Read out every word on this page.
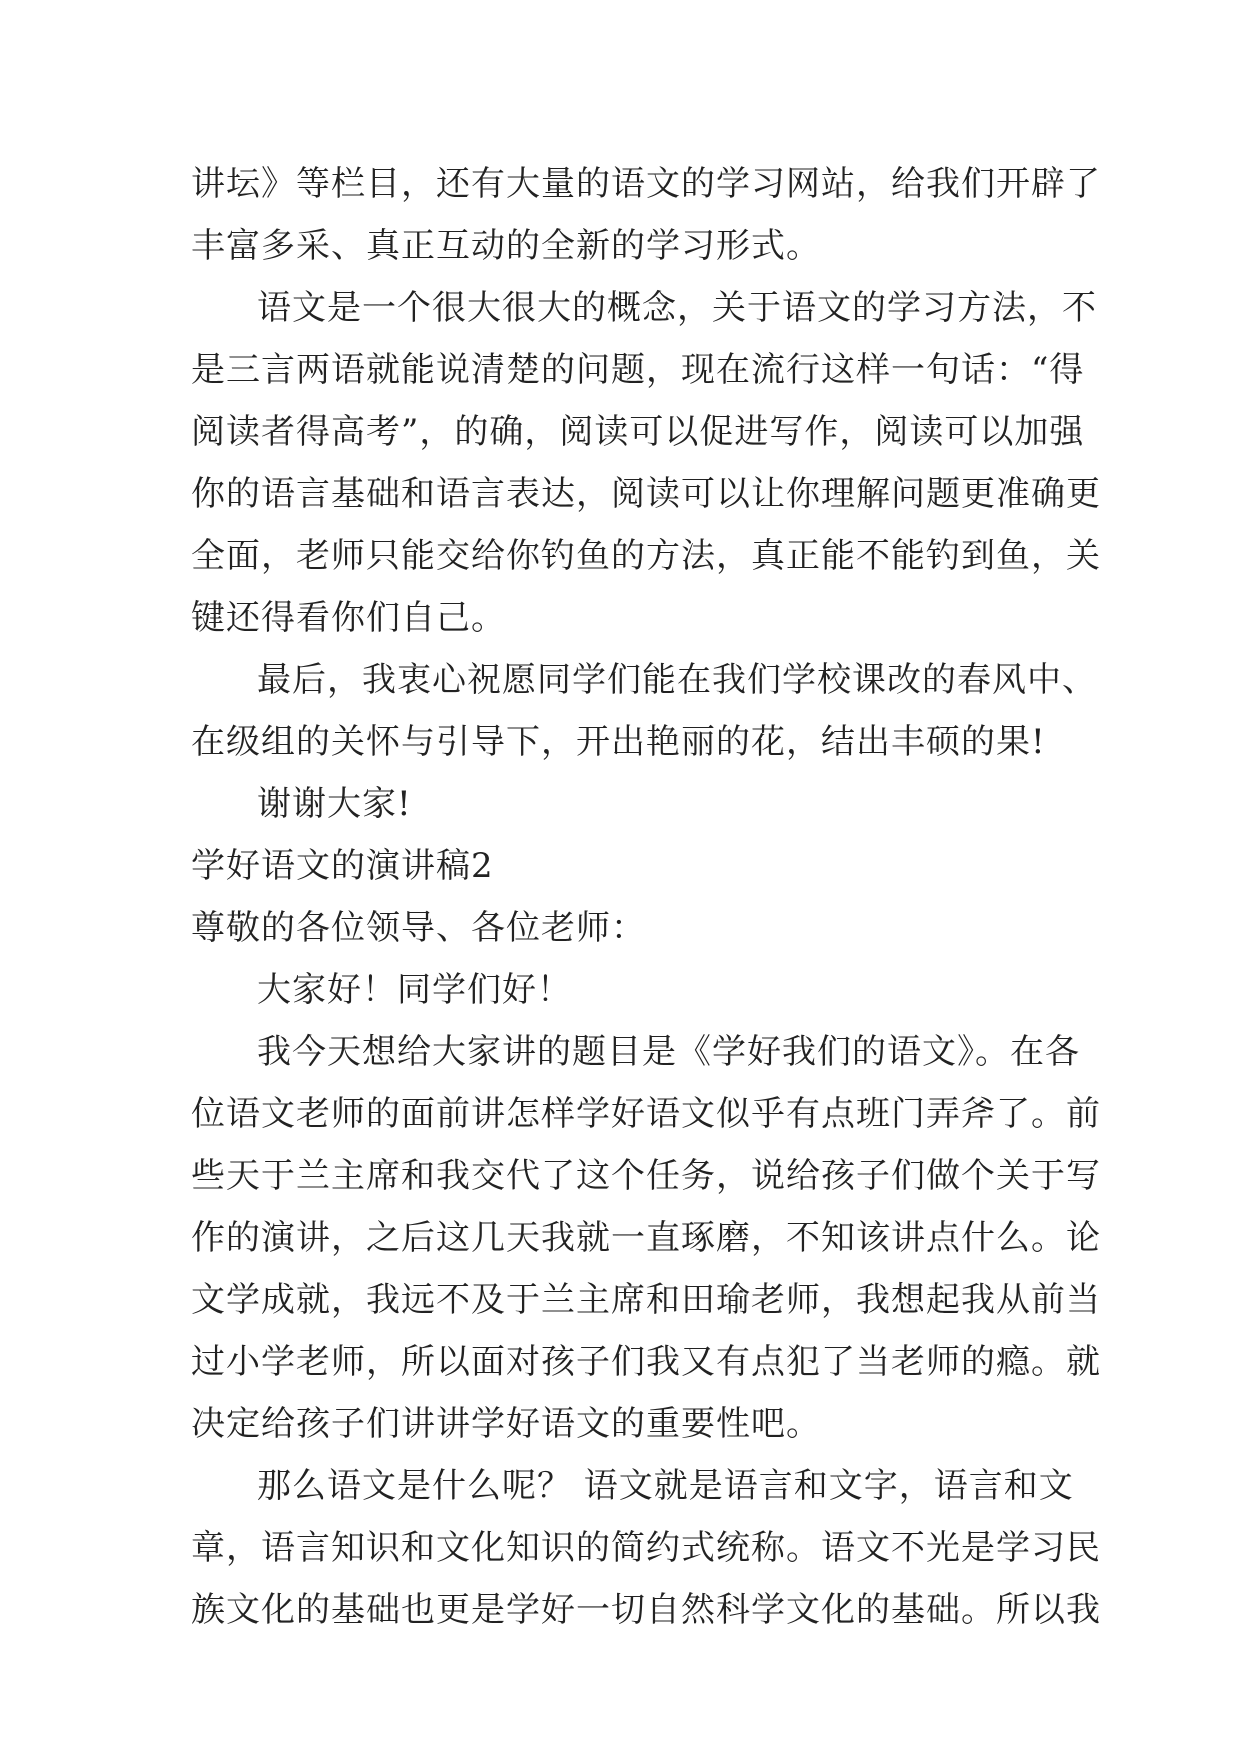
讲坛》等栏目，还有大量的语文的学习网站，给我们开辟了
丰富多采、真正互动的全新的学习形式。
语文是一个很大很大的概念，关于语文的学习方法，不
是三言两语就能说清楚的问题，现在流行这样一句话：“得
阅读者得高考”，的确，阅读可以促进写作，阅读可以加强
你的语言基础和语言表达，阅读可以让你理解问题更准确更
全面，老师只能交给你钓鱼的方法，真正能不能钓到鱼，关
键还得看你们自己。
最后，我衷心祝愿同学们能在我们学校课改的春风中、
在级组的关怀与引导下，开出艳丽的花，结出丰硕的果!
谢谢大家!
学好语文的演讲稿2
尊敬的各位领导、各位老师：
大家好！同学们好！
我今天想给大家讲的题目是《学好我们的语文》。在各
位语文老师的面前讲怎样学好语文似乎有点班门弄斧了。前
些天于兰主席和我交代了这个任务，说给孩子们做个关于写
作的演讲，之后这几天我就一直琢磨，不知该讲点什么。论
文学成就，我远不及于兰主席和田瑜老师，我想起我从前当
过小学老师，所以面对孩子们我又有点犯了当老师的瘾。就
决定给孩子们讲讲学好语文的重要性吧。
那么语文是什么呢？ 语文就是语言和文字，语言和文
章，语言知识和文化知识的简约式统称。语文不光是学习民
族文化的基础也更是学好一切自然科学文化的基础。所以我
